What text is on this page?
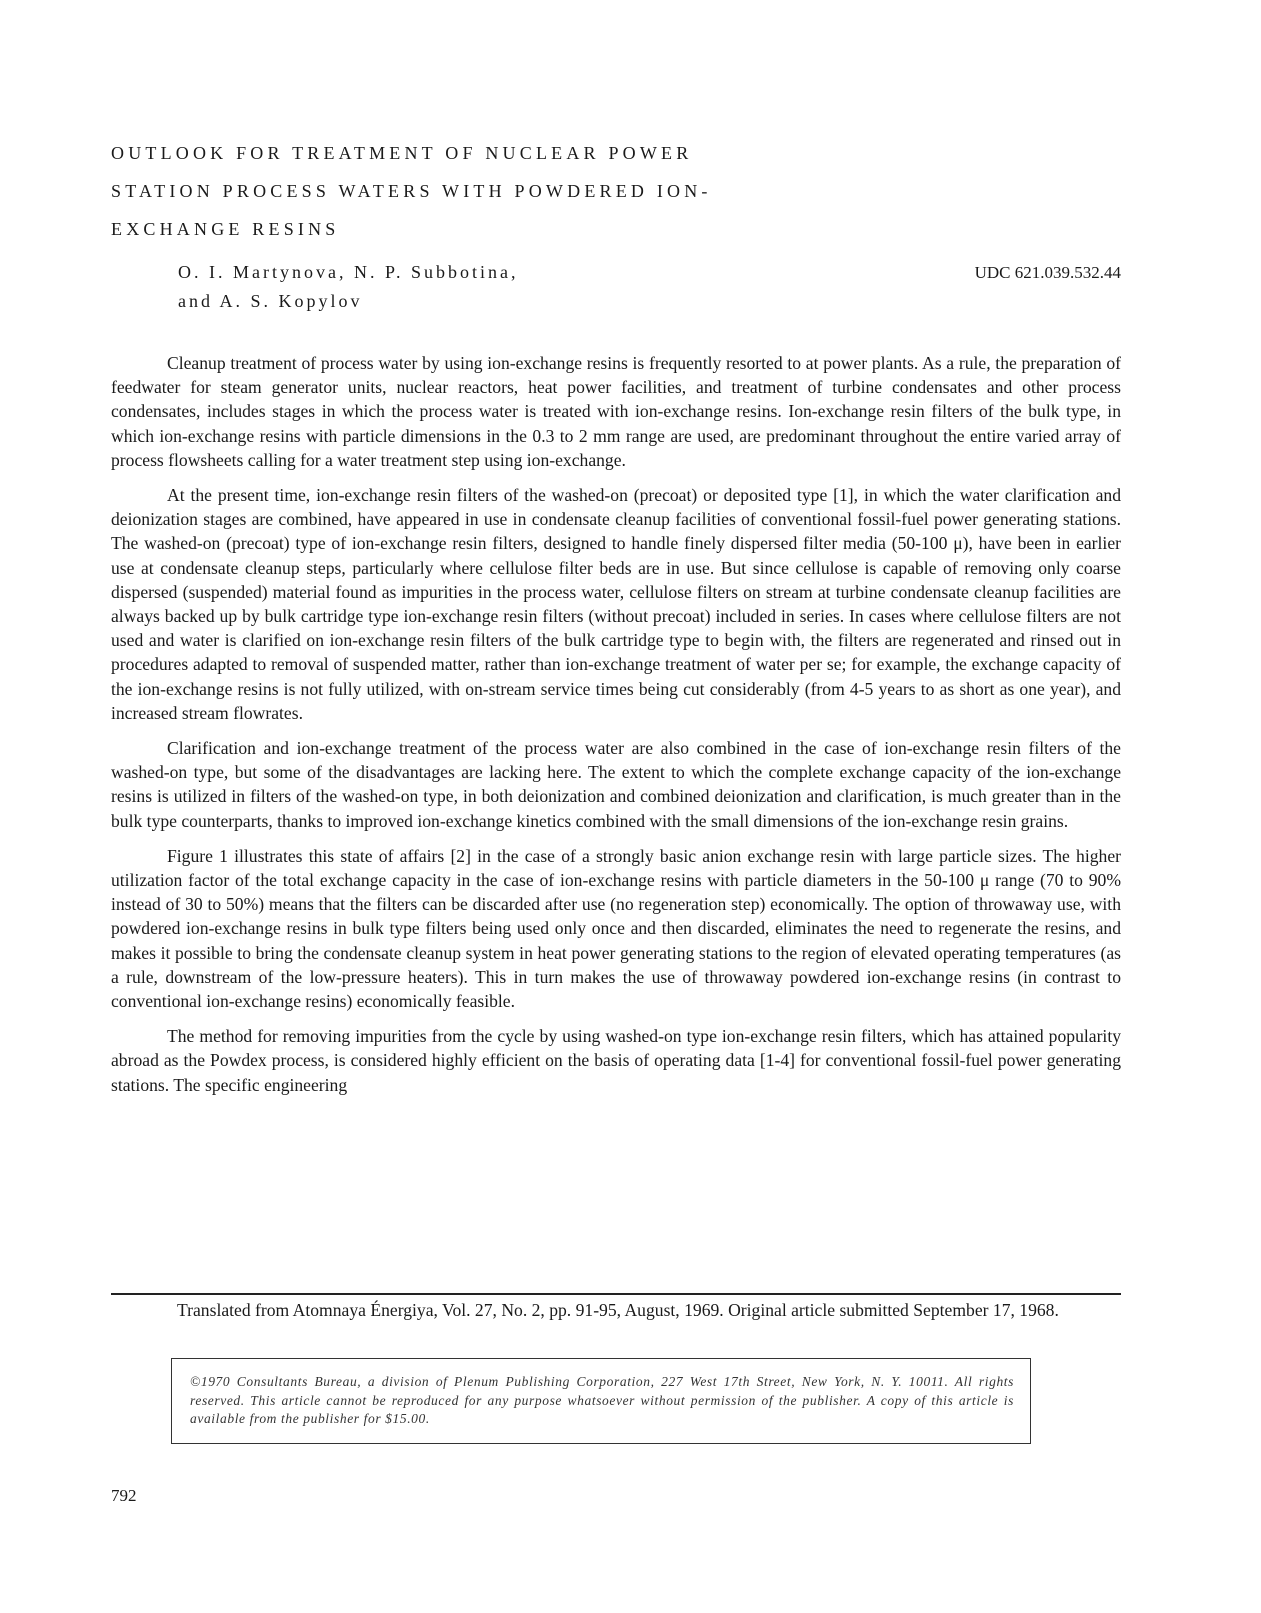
OUTLOOK FOR TREATMENT OF NUCLEAR POWER
STATION PROCESS WATERS WITH POWDERED ION-
EXCHANGE RESINS
O. I. Martynova, N. P. Subbotina,
and A. S. Kopylov
UDC 621.039.532.44

Cleanup treatment of process water by using ion-exchange resins is frequently resorted to at power plants. As a rule, the preparation of feedwater for steam generator units, nuclear reactors, heat power facilities, and treatment of turbine condensates and other process condensates, includes stages in which the process water is treated with ion-exchange resins. Ion-exchange resin filters of the bulk type, in which ion-exchange resins with particle dimensions in the 0.3 to 2 mm range are used, are predominant throughout the entire varied array of process flowsheets calling for a water treatment step using ion-exchange.

At the present time, ion-exchange resin filters of the washed-on (precoat) or deposited type [1], in which the water clarification and deionization stages are combined, have appeared in use in condensate cleanup facilities of conventional fossil-fuel power generating stations. The washed-on (precoat) type of ion-exchange resin filters, designed to handle finely dispersed filter media (50-100 μ), have been in earlier use at condensate cleanup steps, particularly where cellulose filter beds are in use. But since cellulose is capable of removing only coarse dispersed (suspended) material found as impurities in the process water, cellulose filters on stream at turbine condensate cleanup facilities are always backed up by bulk cartridge type ion-exchange resin filters (without precoat) included in series. In cases where cellulose filters are not used and water is clarified on ion-exchange resin filters of the bulk cartridge type to begin with, the filters are regenerated and rinsed out in procedures adapted to removal of suspended matter, rather than ion-exchange treatment of water per se; for example, the exchange capacity of the ion-exchange resins is not fully utilized, with on-stream service times being cut considerably (from 4-5 years to as short as one year), and increased stream flowrates.

Clarification and ion-exchange treatment of the process water are also combined in the case of ion-exchange resin filters of the washed-on type, but some of the disadvantages are lacking here. The extent to which the complete exchange capacity of the ion-exchange resins is utilized in filters of the washed-on type, in both deionization and combined deionization and clarification, is much greater than in the bulk type counterparts, thanks to improved ion-exchange kinetics combined with the small dimensions of the ion-exchange resin grains.

Figure 1 illustrates this state of affairs [2] in the case of a strongly basic anion exchange resin with large particle sizes. The higher utilization factor of the total exchange capacity in the case of ion-exchange resins with particle diameters in the 50-100 μ range (70 to 90% instead of 30 to 50%) means that the filters can be discarded after use (no regeneration step) economically. The option of throwaway use, with powdered ion-exchange resins in bulk type filters being used only once and then discarded, eliminates the need to regenerate the resins, and makes it possible to bring the condensate cleanup system in heat power generating stations to the region of elevated operating temperatures (as a rule, downstream of the low-pressure heaters). This in turn makes the use of throwaway powdered ion-exchange resins (in contrast to conventional ion-exchange resins) economically feasible.

The method for removing impurities from the cycle by using washed-on type ion-exchange resin filters, which has attained popularity abroad as the Powdex process, is considered highly efficient on the basis of operating data [1-4] for conventional fossil-fuel power generating stations. The specific engineering

Translated from Atomnaya Énergiya, Vol. 27, No. 2, pp. 91-95, August, 1969. Original article submitted September 17, 1968.

©1970 Consultants Bureau, a division of Plenum Publishing Corporation, 227 West 17th Street, New York, N. Y. 10011. All rights reserved. This article cannot be reproduced for any purpose whatsoever without permission of the publisher. A copy of this article is available from the publisher for $15.00.
792
